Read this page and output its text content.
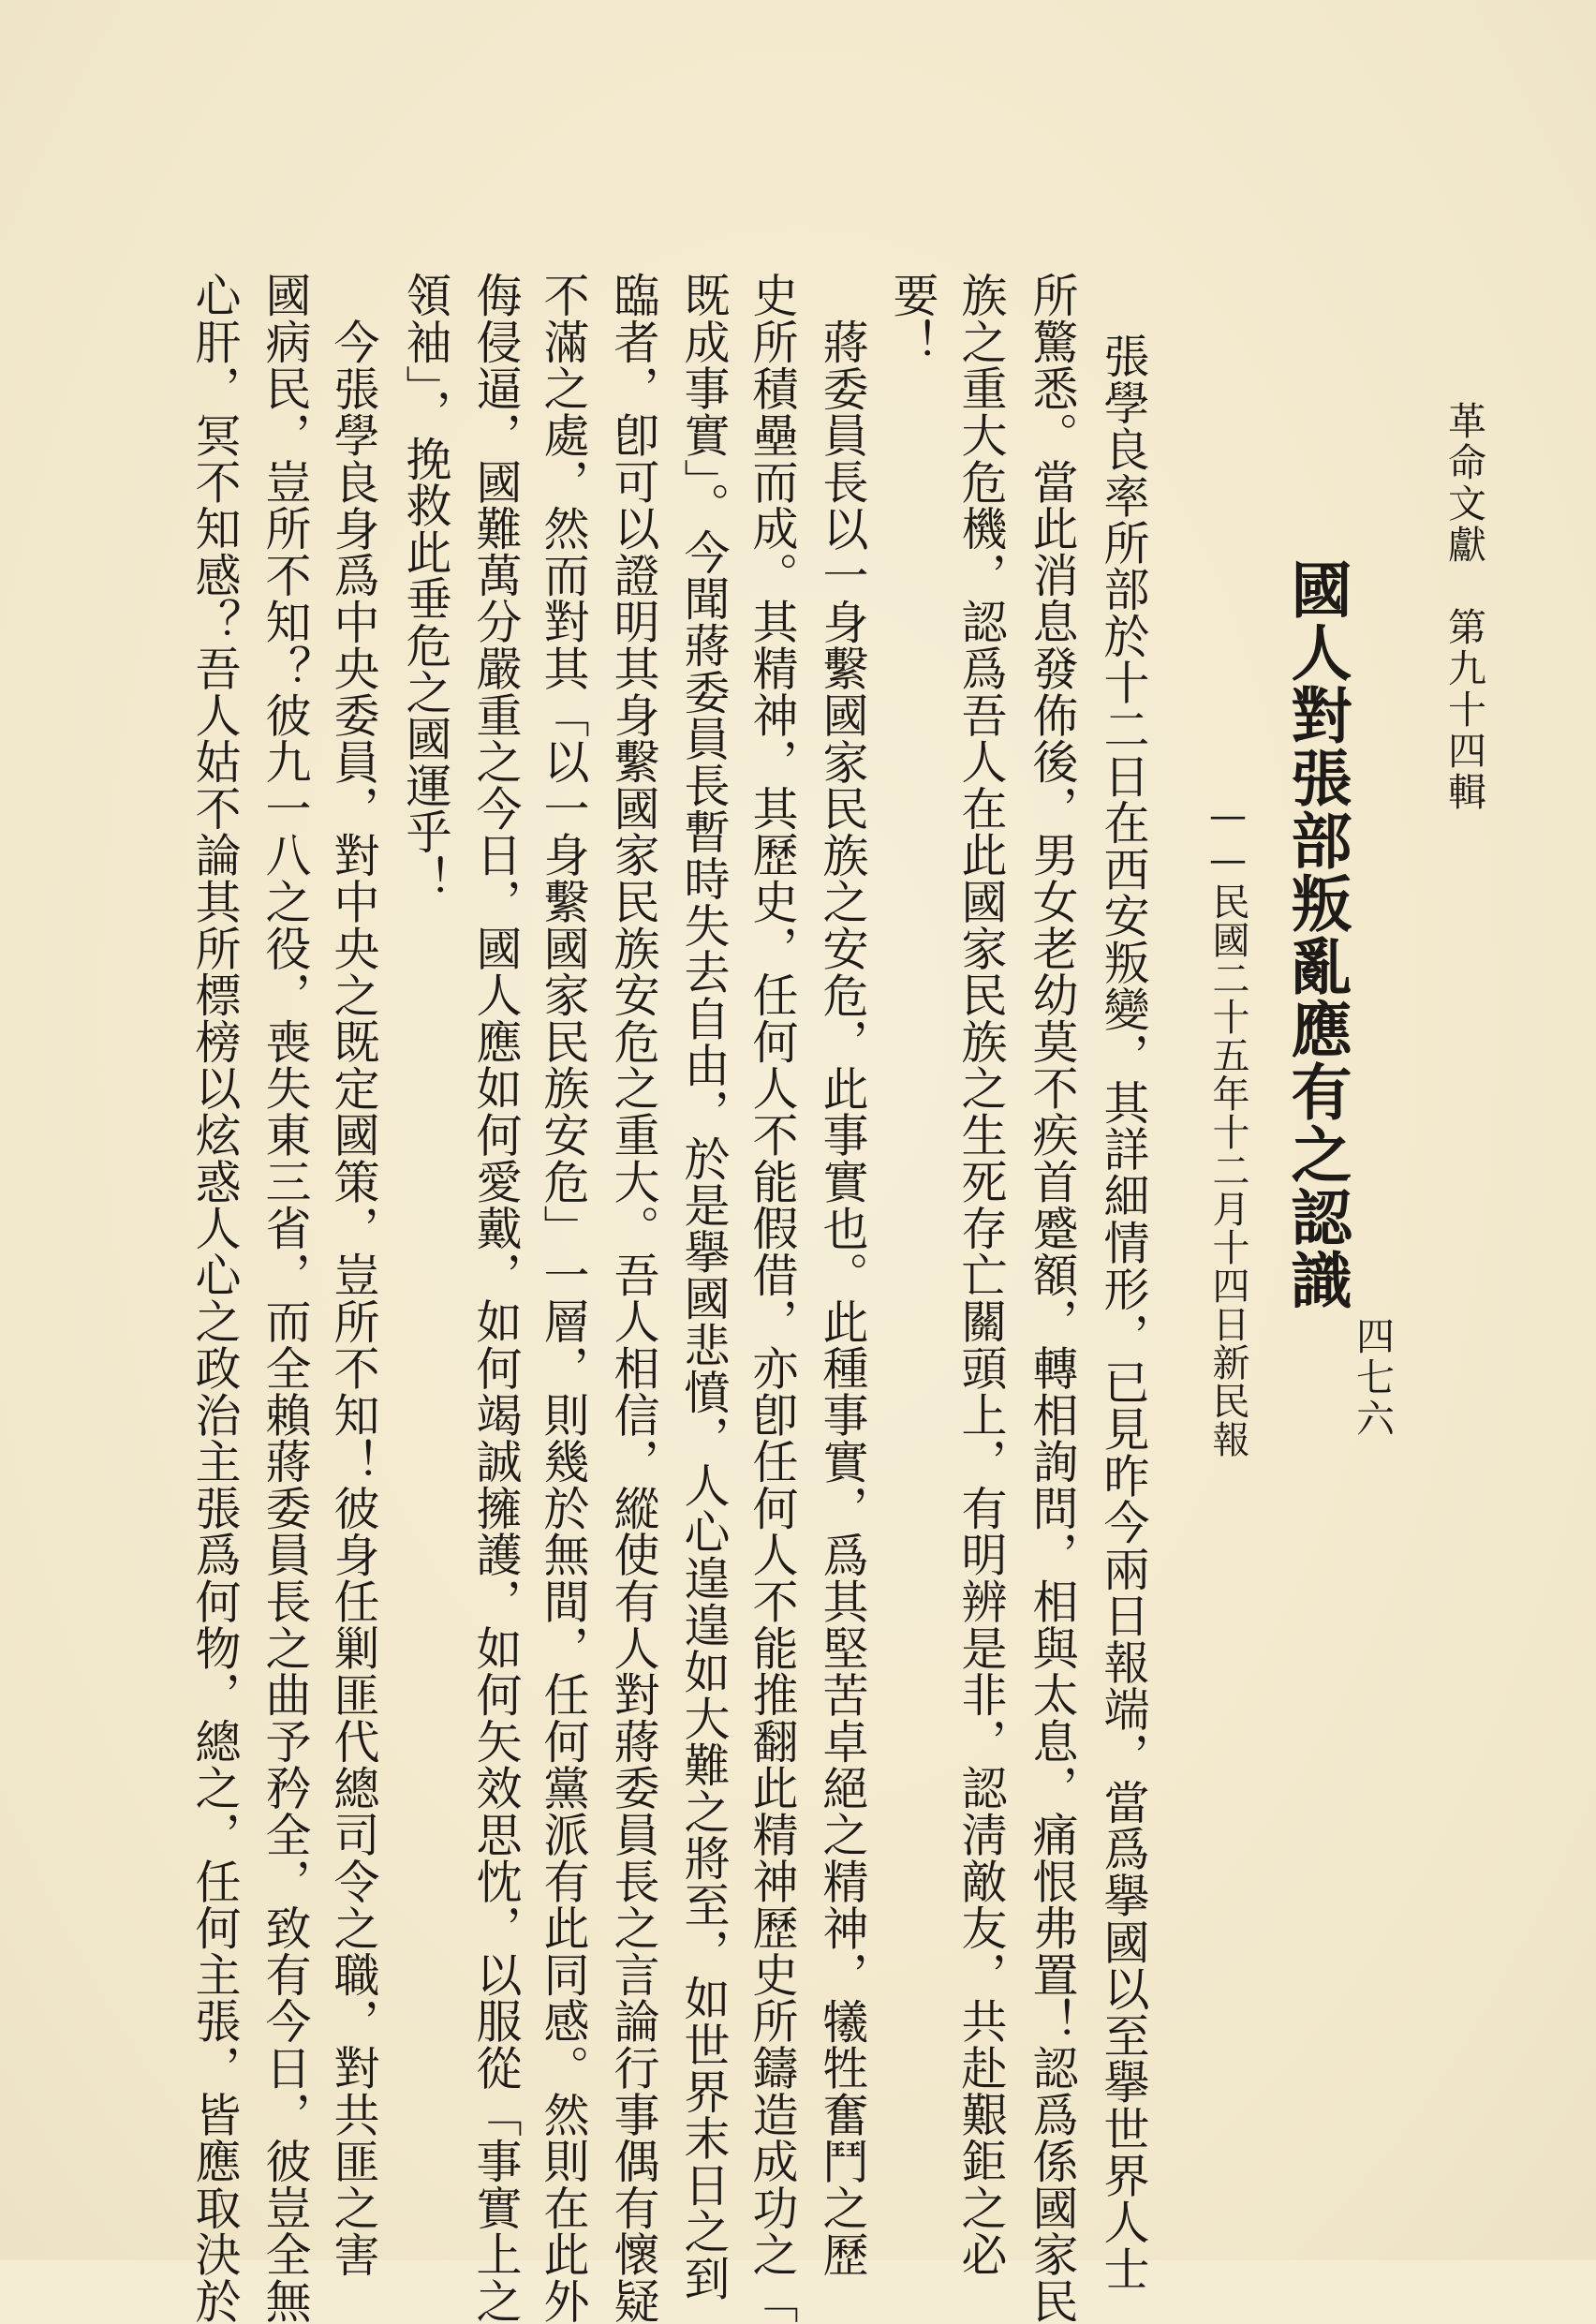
革命文獻　第九十四輯
四七六
國人對張部叛亂應有之認識
——民國二十五年十二月十四日新民報
張學良率所部於十二日在西安叛變，其詳細情形，已見昨今兩日報端，當爲擧國以至擧世界人士
所驚悉。當此消息發佈後，男女老幼莫不疾首蹙額，轉相詢問，相與太息，痛恨弗置！認爲係國家民
族之重大危機，認爲吾人在此國家民族之生死存亡關頭上，有明辨是非，認淸敵友，共赴艱鉅之必
要！
蔣委員長以一身繫國家民族之安危，此事實也。此種事實，爲其堅苦卓絕之精神，犧牲奮鬥之歷
史所積壘而成。其精神，其歷史，任何人不能假借，亦卽任何人不能推翻此精神歷史所鑄造成功之「
既成事實」。今聞蔣委員長暫時失去自由，於是擧國悲憤，人心遑遑如大難之將至，如世界末日之到
臨者，卽可以證明其身繫國家民族安危之重大。吾人相信，縱使有人對蔣委員長之言論行事偶有懷疑
不滿之處，然而對其「以一身繫國家民族安危」一層，則幾於無間，任何黨派有此同感。然則在此外
侮侵逼，國難萬分嚴重之今日，國人應如何愛戴，如何竭誠擁護，如何矢效思忱，以服從「事實上之
領袖」，挽救此垂危之國運乎！
今張學良身爲中央委員，對中央之既定國策，豈所不知！彼身任剿匪代總司令之職，對共匪之害
國病民，豈所不知？彼九一八之役，喪失東三省，而全賴蔣委員長之曲予矜全，致有今日，彼豈全無
心肝，冥不知感？吾人姑不論其所標榜以炫惑人心之政治主張爲何物，總之，任何主張，皆應取決於
